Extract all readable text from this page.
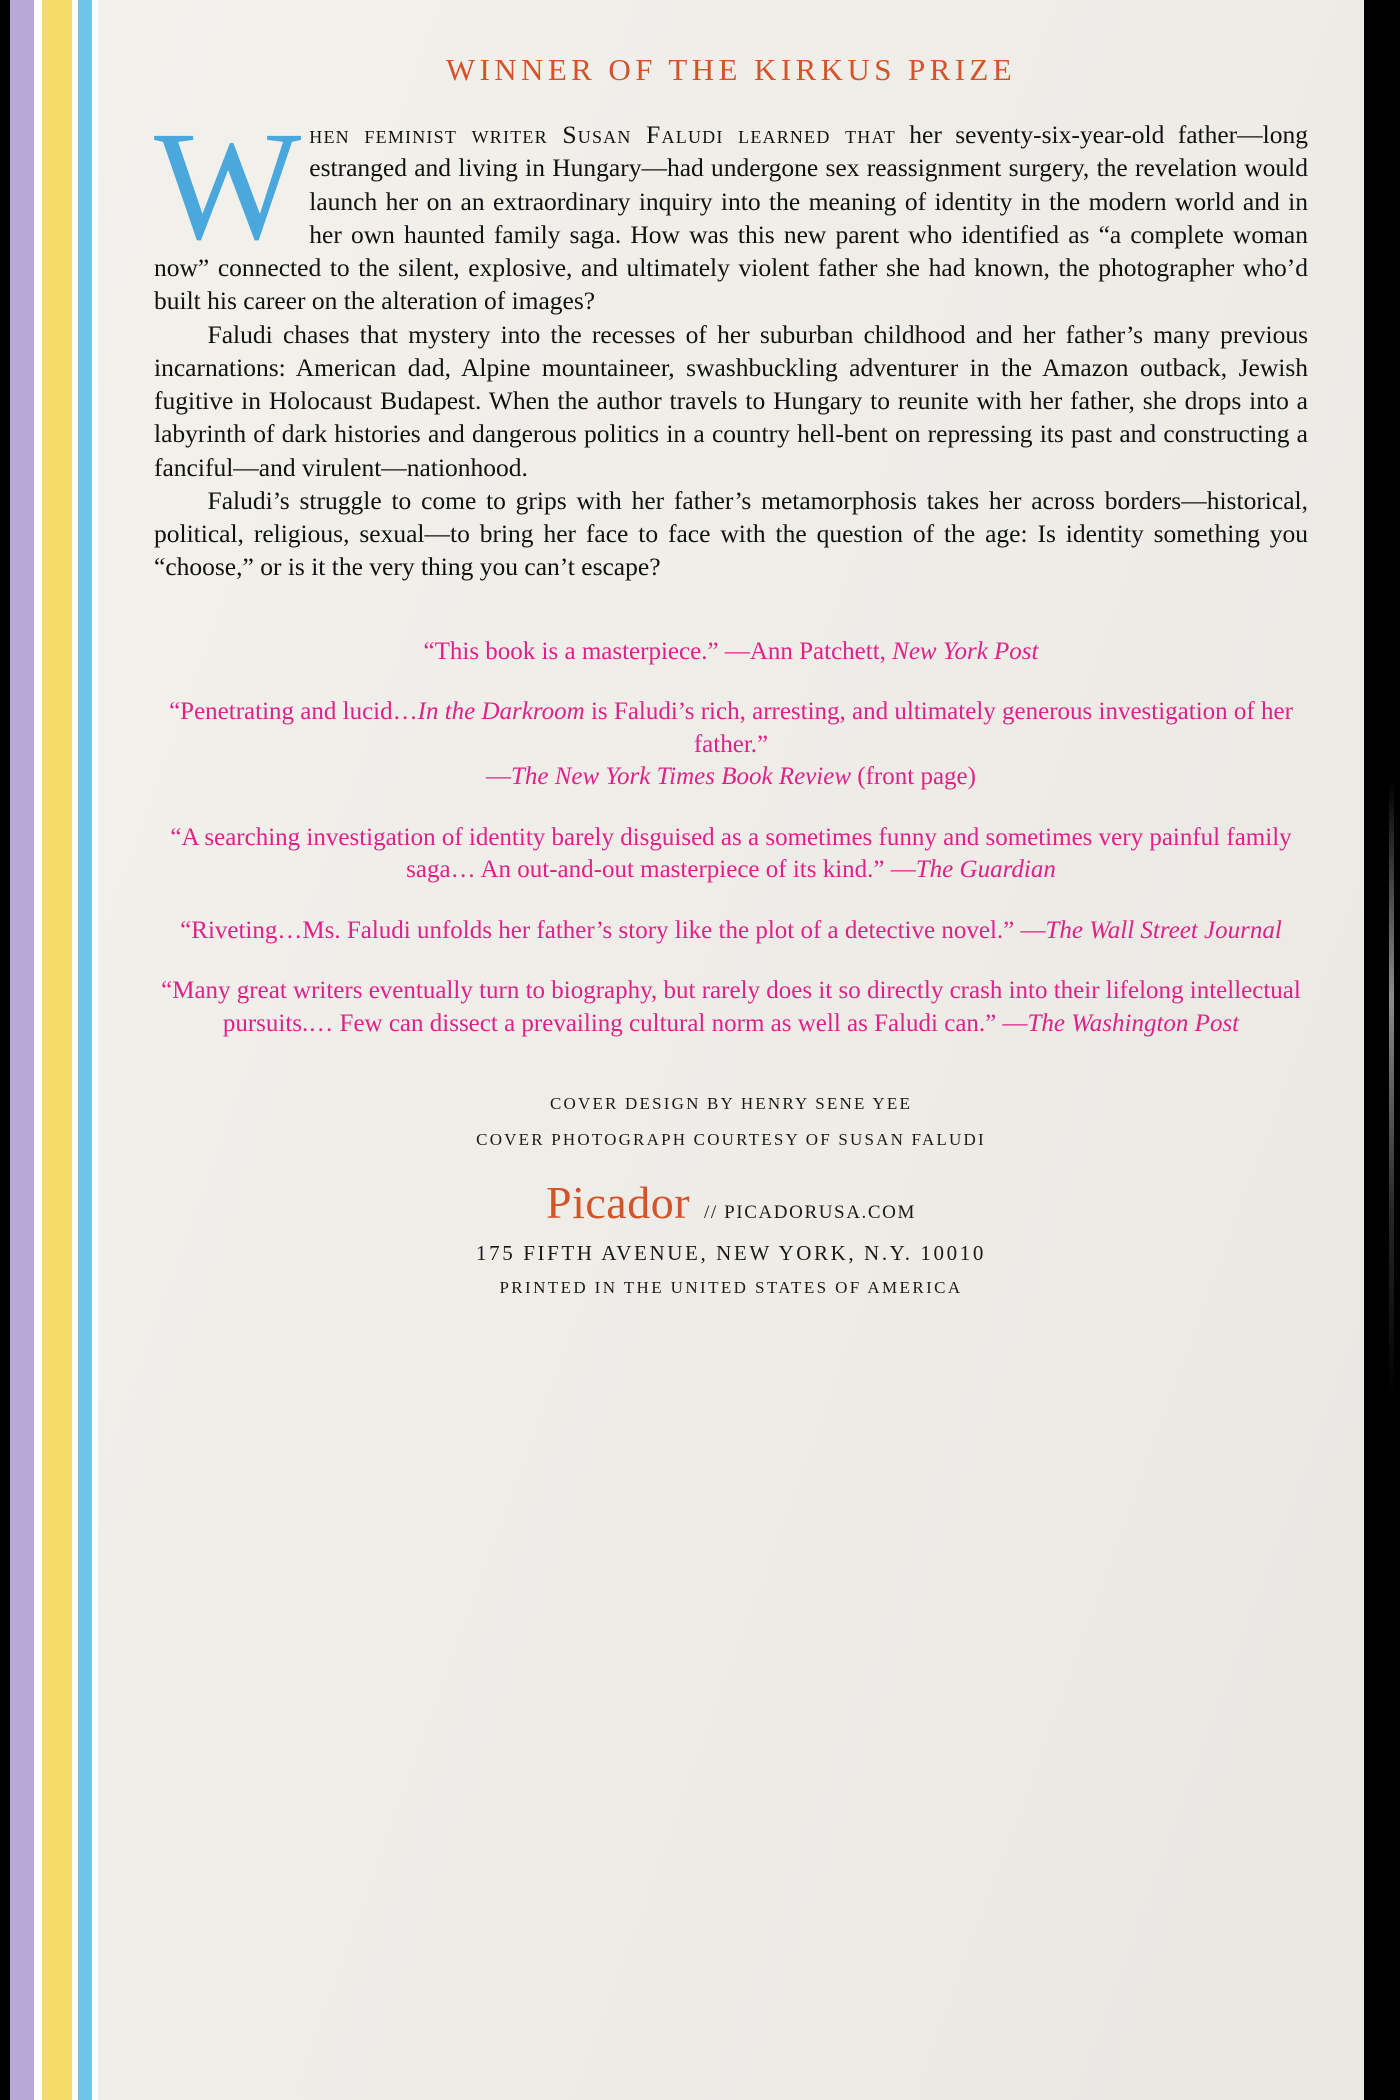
WINNER OF THE KIRKUS PRIZE

When feminist writer Susan Faludi learned that her seventy-six-year-old father—long estranged and living in Hungary—had undergone sex reassignment surgery, the revelation would launch her on an extraordinary inquiry into the meaning of identity in the modern world and in her own haunted family saga. How was this new parent who identified as “a complete woman now” connected to the silent, explosive, and ultimately violent father she had known, the photographer who’d built his career on the alteration of images?

Faludi chases that mystery into the recesses of her suburban childhood and her father’s many previous incarnations: American dad, Alpine mountaineer, swashbuckling adventurer in the Amazon outback, Jewish fugitive in Holocaust Budapest. When the author travels to Hungary to reunite with her father, she drops into a labyrinth of dark histories and dangerous politics in a country hell-bent on repressing its past and constructing a fanciful—and virulent—nationhood.

Faludi’s struggle to come to grips with her father’s metamorphosis takes her across borders—historical, political, religious, sexual—to bring her face to face with the question of the age: Is identity something you “choose,” or is it the very thing you can’t escape?

“This book is a masterpiece.” —Ann Patchett, New York Post
“Penetrating and lucid…In the Darkroom is Faludi’s rich, arresting, and ultimately generous investigation of her father.”
—The New York Times Book Review (front page)
“A searching investigation of identity barely disguised as a sometimes funny and sometimes very painful family saga… An out-and-out masterpiece of its kind.” —The Guardian
“Riveting…Ms. Faludi unfolds her father’s story like the plot of a detective novel.” —The Wall Street Journal
“Many great writers eventually turn to biography, but rarely does it so directly crash into their lifelong intellectual pursuits.… Few can dissect a prevailing cultural norm as well as Faludi can.” —The Washington Post
COVER DESIGN BY HENRY SENE YEE
COVER PHOTOGRAPH COURTESY OF SUSAN FALUDI
Picador // PICADORUSA.COM
175 FIFTH AVENUE, NEW YORK, N.Y. 10010
PRINTED IN THE UNITED STATES OF AMERICA
